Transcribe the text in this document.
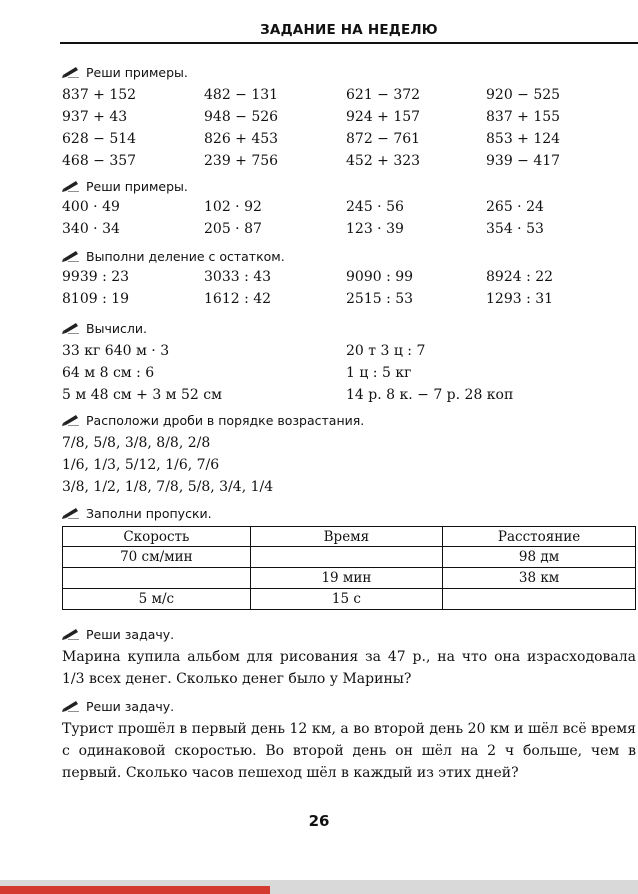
ЗАДАНИЕ НА НЕДЕЛЮ
Реши примеры.
837 + 152	482 − 131	621 − 372	920 − 525
937 + 43	948 − 526	924 + 157	837 + 155
628 − 514	826 + 453	872 − 761	853 + 124
468 − 357	239 + 756	452 + 323	939 − 417
Реши примеры.
400 · 49	102 · 92	245 · 56	265 · 24
340 · 34	205 · 87	123 · 39	354 · 53
Выполни деление с остатком.
9939 : 23	3033 : 43	9090 : 99	8924 : 22
8109 : 19	1612 : 42	2515 : 53	1293 : 31
Вычисли.
33 кг 640 м · 3	20 т 3 ц : 7
64 м 8 см : 6	1 ц : 5 кг
5 м 48 см + 3 м 52 см	14 р. 8 к. − 7 р. 28 коп
Расположи дроби в порядке возрастания.
7/8, 5/8, 3/8, 8/8, 2/8
1/6, 1/3, 5/12, 1/6, 7/6
3/8, 1/2, 1/8, 7/8, 5/8, 3/4, 1/4
Заполни пропуски.
Скорость	Время	Расстояние
70 см/мин		98 дм
	19 мин	38 км
5 м/с	15 с	
Реши задачу.
Марина купила альбом для рисования за 47 р., на что она израсходовала 1/3 всех денег. Сколько денег было у Марины?
Реши задачу.
Турист прошёл в первый день 12 км, а во второй день 20 км и шёл всё время с одинаковой скоростью. Во второй день он шёл на 2 ч больше, чем в первый. Сколько часов пешеход шёл в каждый из этих дней?
26
